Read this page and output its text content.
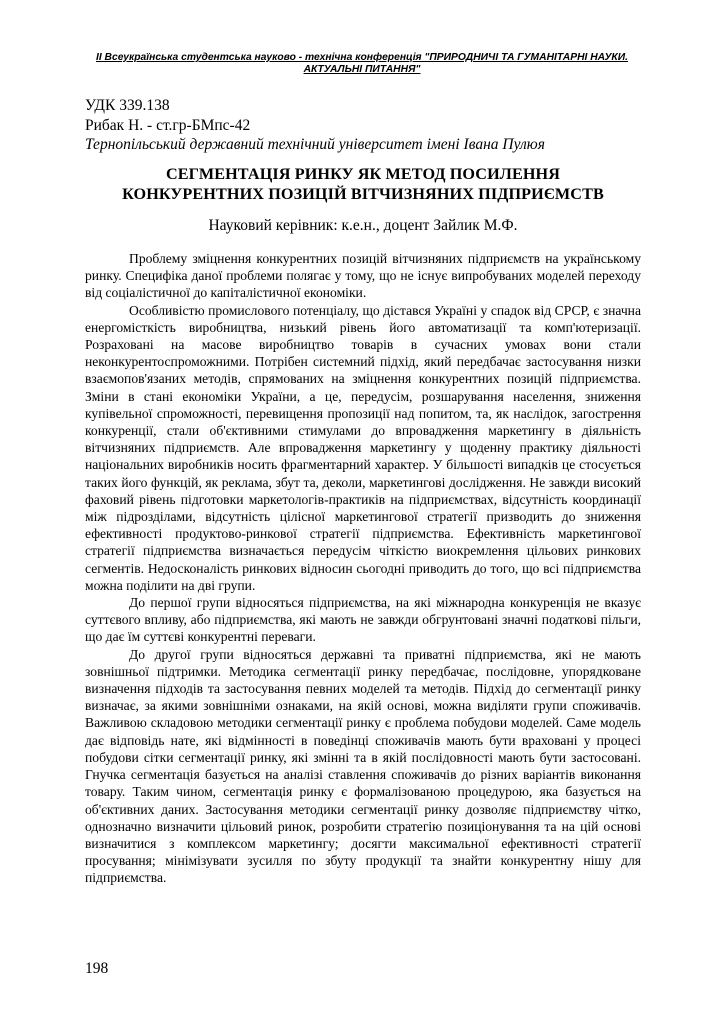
ІІ Всеукраїнська студентська науково - технічна конференція "ПРИРОДНИЧІ ТА ГУМАНІТАРНІ НАУКИ.
АКТУАЛЬНІ ПИТАННЯ"
УДК 339.138
Рибак Н. - ст.гр-БМпс-42
Тернопільський державний технічний університет імені Івана Пулюя
СЕГМЕНТАЦІЯ РИНКУ ЯК МЕТОД ПОСИЛЕННЯ
КОНКУРЕНТНИХ ПОЗИЦІЙ ВІТЧИЗНЯНИХ ПІДПРИЄМСТВ
Науковий керівник: к.е.н., доцент Зайлик М.Ф.

Проблему зміцнення конкурентних позицій вітчизняних підприємств на українському ринку. Специфіка даної проблеми полягає у тому, що не існує випробуваних моделей переходу від соціалістичної до капіталістичної економіки.

Особливістю промислового потенціалу, що дістався Україні у спадок від СРСР, є значна енергомісткість виробництва, низький рівень його автоматизації та комп'ютеризації. Розраховані на масове виробництво товарів в сучасних умовах вони стали неконкурентоспроможними. Потрібен системний підхід, який передбачає застосування низки взаємопов'язаних методів, спрямованих на зміцнення конкурентних позицій підприємства. Зміни в стані економіки України, а це, передусім, розшарування населення, зниження купівельної спроможності, перевищення пропозиції над попитом, та, як наслідок, загострення конкуренції, стали об'єктивними стимулами до впровадження маркетингу в діяльність вітчизняних підприємств. Але впровадження маркетингу у щоденну практику діяльності національних виробників носить фрагментарний характер. У більшості випадків це стосується таких його функцій, як реклама, збут та, деколи, маркетингові дослідження. Не завжди високий фаховий рівень підготовки маркетологів-практиків на підприємствах, відсутність координації між підрозділами, відсутність цілісної маркетингової стратегії призводить до зниження ефективності продуктово-ринкової стратегії підприємства. Ефективність маркетингової стратегії підприємства визначається передусім чіткістю виокремлення цільових ринкових сегментів. Недосконалість ринкових відносин сьогодні приводить до того, що всі підприємства можна поділити на дві групи.

До першої групи відносяться підприємства, на які міжнародна конкуренція не вказує суттєвого впливу, або підприємства, які мають не завжди обгрунтовані значні податкові пільги, що дає їм суттєві конкурентні переваги.

До другої групи відносяться державні та приватні підприємства, які не мають зовнішньої підтримки. Методика сегментації ринку передбачає, послідовне, упорядковане визначення підходів та застосування певних моделей та методів. Підхід до сегментації ринку визначає, за якими зовнішніми ознаками, на якій основі, можна виділяти групи споживачів. Важливою складовою методики сегментації ринку є проблема побудови моделей. Саме модель дає відповідь нате, які відмінності в поведінці споживачів мають бути враховані у процесі побудови сітки сегментації ринку, які змінні та в якій послідовності мають бути застосовані. Гнучка сегментація базується на аналізі ставлення споживачів до різних варіантів виконання товару. Таким чином, сегментація ринку є формалізованою процедурою, яка базується на об'єктивних даних. Застосування методики сегментації ринку дозволяє підприємству чітко, однозначно визначити цільовий ринок, розробити стратегію позиціонування та на цій основі визначитися з комплексом маркетингу; досягти максимальної ефективності стратегії просування; мінімізувати зусилля по збуту продукції та знайти конкурентну нішу для підприємства.

198
